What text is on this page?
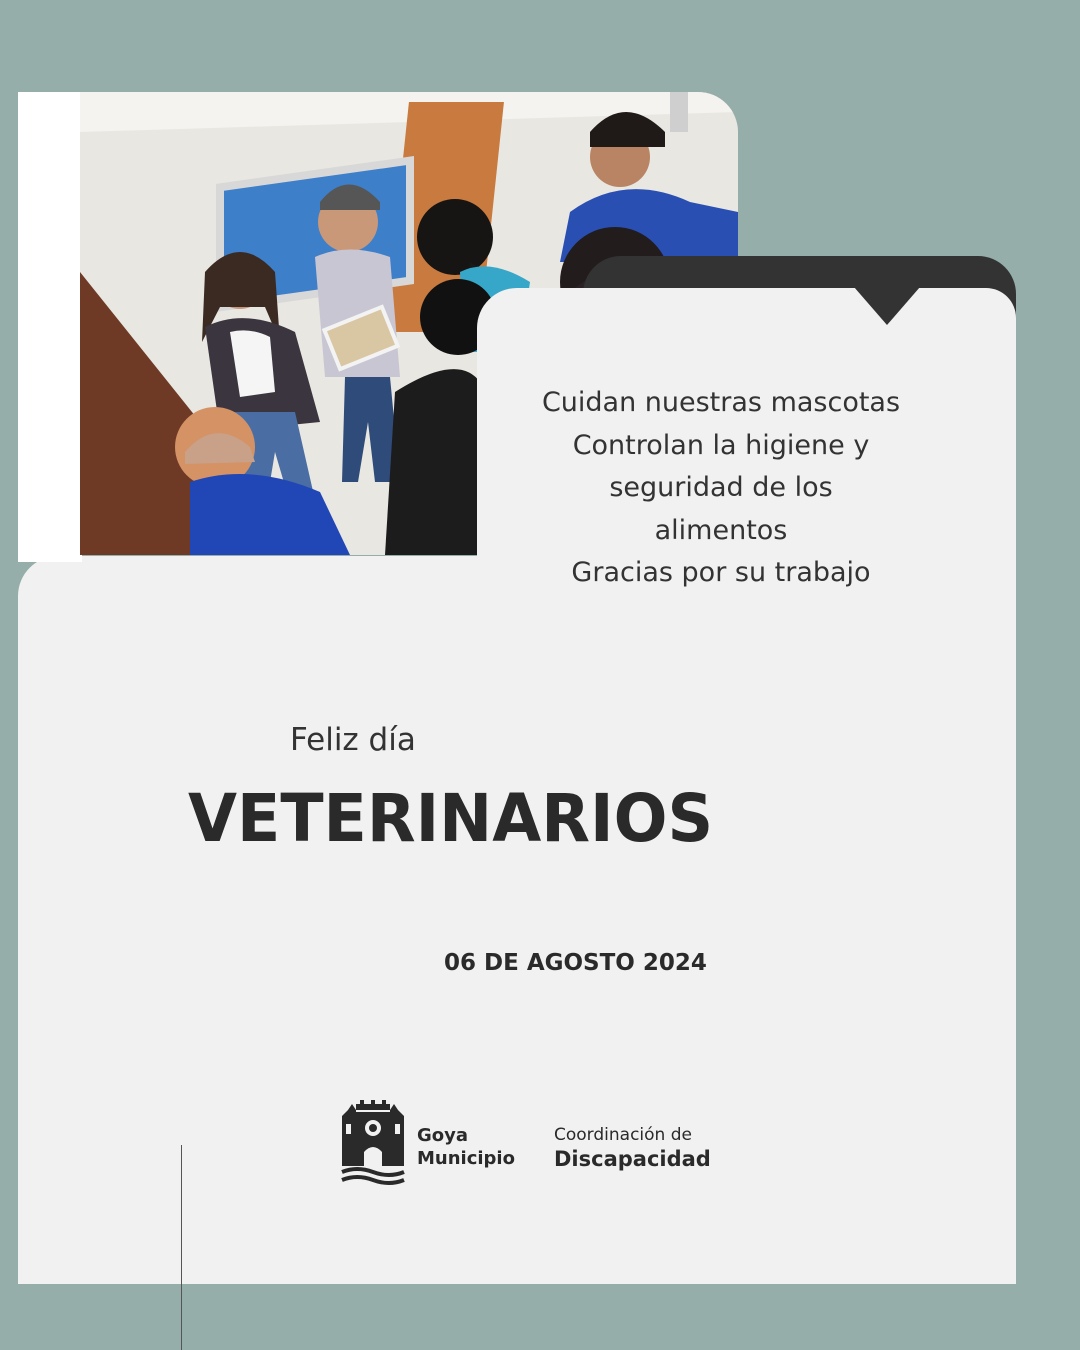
Cuidan nuestras mascotas
Controlan la higiene y
seguridad de los
alimentos
Gracias por su trabajo
Feliz día
VETERINARIOS
06 DE AGOSTO 2024
Goya
Municipio
Coordinación de
Discapacidad
